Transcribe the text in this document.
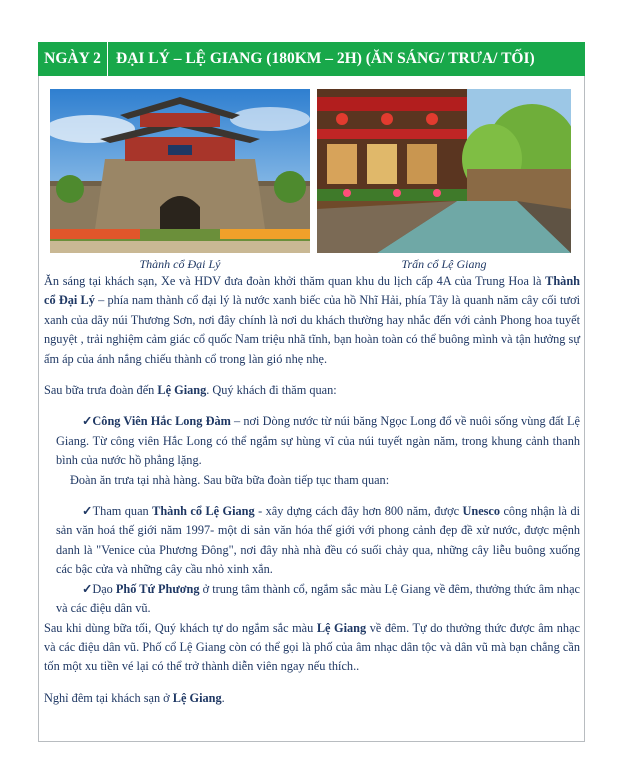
NGÀY 2 ĐẠI LÝ – LỆ GIANG (180KM – 2H) (ĂN SÁNG/ TRƯA/ TỐI)
Thành cổ Đại Lý	Trấn cổ Lệ Giang

Ăn sáng tại khách sạn, Xe và HDV đưa đoàn khởi thăm quan khu du lịch cấp 4A của Trung Hoa là Thành cổ Đại Lý – phía nam thành cổ đại lý là nước xanh biếc của hồ Nhĩ Hải, phía Tây là quanh năm cây cối tươi xanh của dãy núi Thương Sơn, nơi đây chính là nơi du khách thường hay nhắc đến với cảnh Phong hoa tuyết nguyệt , trải nghiệm cảm giác cổ quốc Nam triệu nhã tĩnh, bạn hoàn toàn có thể buông mình và tận hưởng sự ấm áp của ánh nắng chiếu thành cổ trong làn gió nhẹ nhẹ.

Sau bữa trưa đoàn đến Lệ Giang. Quý khách đi thăm quan:

✓Công Viên Hắc Long Đàm – nơi Dòng nước từ núi băng Ngọc Long đổ về nuôi sống vùng đất Lệ Giang. Từ công viên Hắc Long có thể ngắm sự hùng vĩ của núi tuyết ngàn năm, trong khung cảnh thanh bình của nước hồ phẳng lặng.

Đoàn ăn trưa tại nhà hàng. Sau bữa bữa đoàn tiếp tục tham quan:

✓Tham quan Thành cổ Lệ Giang - xây dựng cách đây hơn 800 năm, được Unesco công nhận là di sản văn hoá thế giới năm 1997- một di sản văn hóa thế giới với phong cảnh đẹp đề xử nước, được mệnh danh là "Venice của Phương Đông", nơi đây nhà nhà đều có suối chảy qua, những cây liễu buông xuống các bậc cửa và những cây cầu nhỏ xinh xắn.

✓Dạo Phố Tứ Phương ở trung tâm thành cổ, ngắm sắc màu Lệ Giang về đêm, thưởng thức âm nhạc và các điệu dân vũ.

Sau khi dùng bữa tối, Quý khách tự do ngắm sắc màu Lệ Giang về đêm. Tự do thưởng thức được âm nhạc và các điệu dân vũ. Phố cổ Lệ Giang còn có thể gọi là phố của âm nhạc dân tộc và dân vũ mà bạn chẳng cần tốn một xu tiền vé lại có thể trở thành diễn viên ngay nếu thích..

Nghỉ đêm tại khách sạn ở Lệ Giang.
